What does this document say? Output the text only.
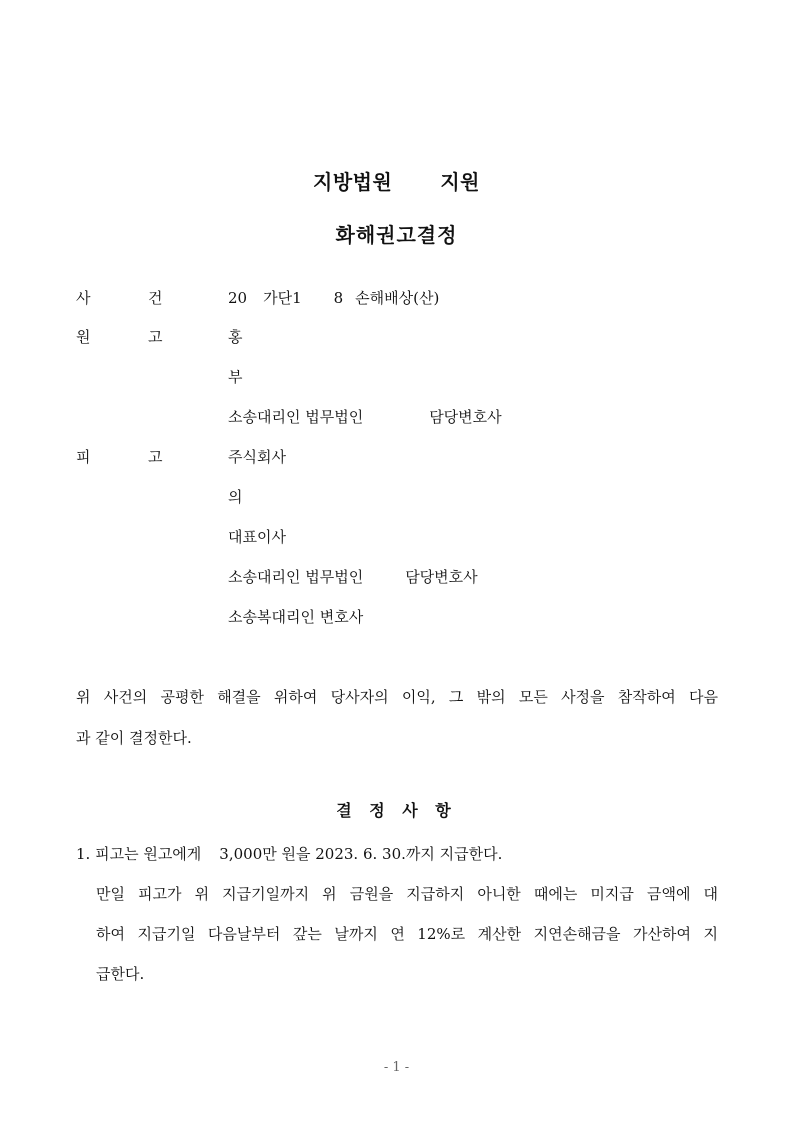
지방법원 지원
화해권고결정
사	건	20 가단1 8 손해배상(산)
원	고	홍
부
소송대리인 법무법인	담당변호사
피	고	주식회사
의
대표이사
소송대리인 법무법인	담당변호사
소송복대리인 변호사
위 사건의 공평한 해결을 위하여 당사자의 이익, 그 밖의 모든 사정을 참작하여 다음
과 같이 결정한다.
결 정 사 항
1. 피고는 원고에게 3,000만 원을 2023. 6. 30.까지 지급한다.
만일 피고가 위 지급기일까지 위 금원을 지급하지 아니한 때에는 미지급 금액에 대
하여 지급기일 다음날부터 갚는 날까지 연 12%로 계산한 지연손해금을 가산하여 지
급한다.
- 1 -
